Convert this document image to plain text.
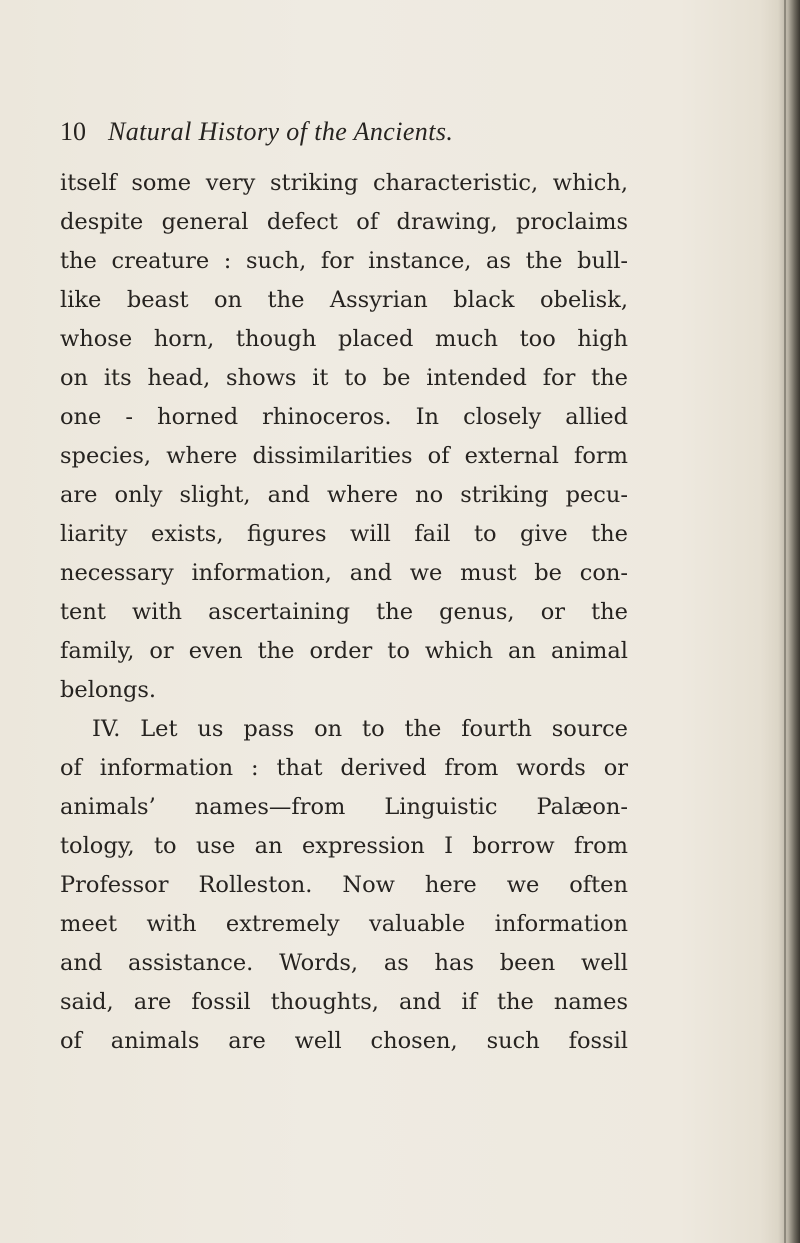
10 Natural History of the Ancients.
itself some very striking characteristic, which,
despite general defect of drawing, proclaims
the creature : such, for instance, as the bull-
like beast on the Assyrian black obelisk,
whose horn, though placed much too high
on its head, shows it to be intended for the
one - horned rhinoceros. In closely allied
species, where dissimilarities of external form
are only slight, and where no striking pecu-
liarity exists, figures will fail to give the
necessary information, and we must be con-
tent with ascertaining the genus, or the
family, or even the order to which an animal
belongs.
IV. Let us pass on to the fourth source
of information : that derived from words or
animals’ names—from Linguistic Palæon-
tology, to use an expression I borrow from
Professor Rolleston. Now here we often
meet with extremely valuable information
and assistance. Words, as has been well
said, are fossil thoughts, and if the names
of animals are well chosen, such fossil
